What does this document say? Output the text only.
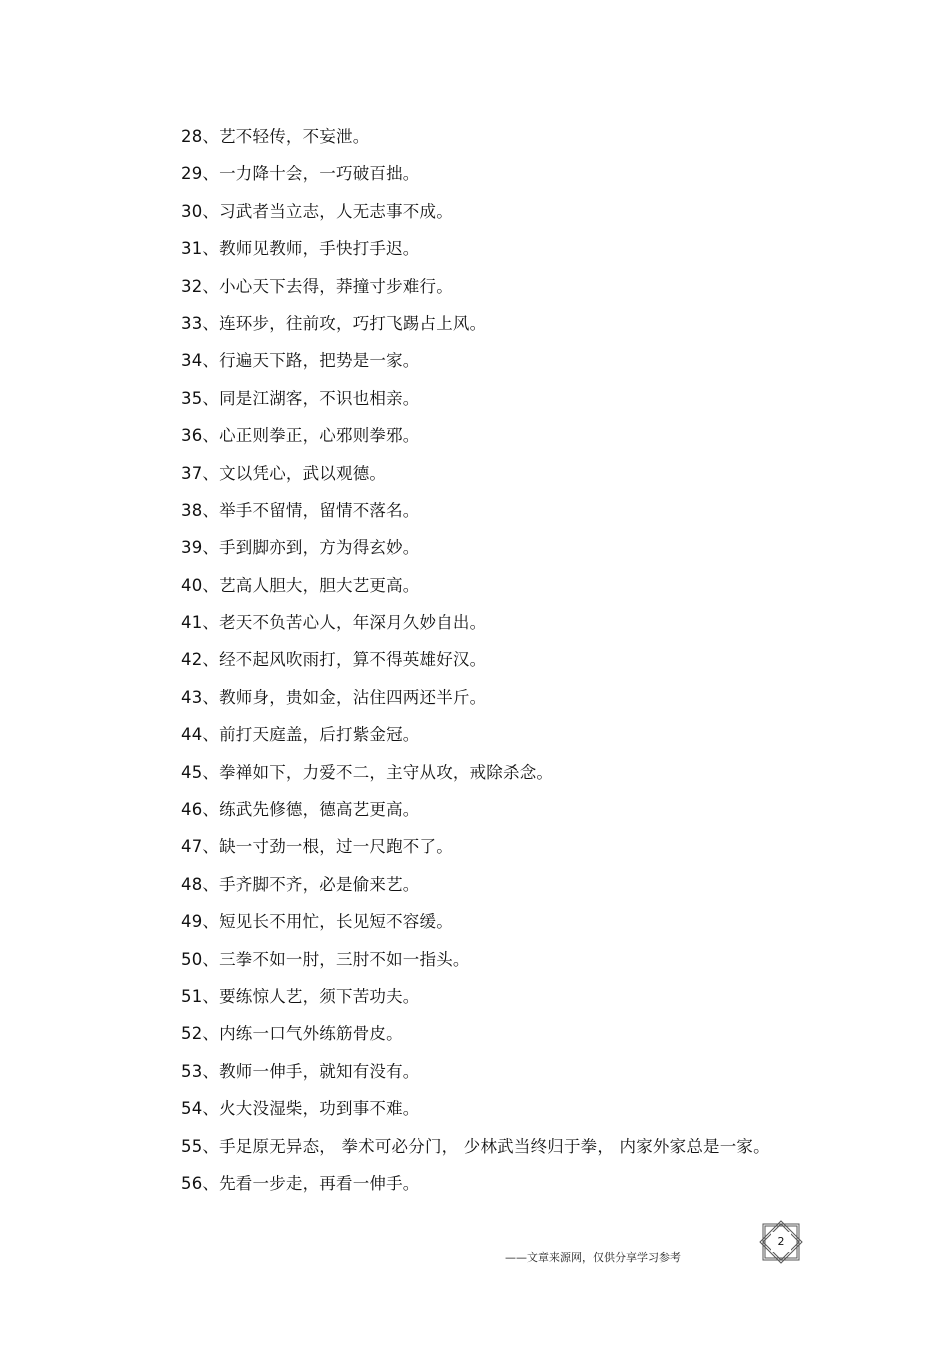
28、艺不轻传，不妄泄。
29、一力降十会，一巧破百拙。
30、习武者当立志，人无志事不成。
31、教师见教师，手快打手迟。
32、小心天下去得，莽撞寸步难行。
33、连环步，往前攻，巧打飞踢占上风。
34、行遍天下路，把势是一家。
35、同是江湖客，不识也相亲。
36、心正则拳正，心邪则拳邪。
37、文以凭心，武以观德。
38、举手不留情，留情不落名。
39、手到脚亦到，方为得玄妙。
40、艺高人胆大，胆大艺更高。
41、老天不负苦心人，年深月久妙自出。
42、经不起风吹雨打，算不得英雄好汉。
43、教师身，贵如金，沾住四两还半斤。
44、前打天庭盖，后打紫金冠。
45、拳禅如下，力爱不二，主守从攻，戒除杀念。
46、练武先修德，德高艺更高。
47、缺一寸劲一根，过一尺跑不了。
48、手齐脚不齐，必是偷来艺。
49、短见长不用忙，长见短不容缓。
50、三拳不如一肘，三肘不如一指头。
51、要练惊人艺，须下苦功夫。
52、内练一口气外练筋骨皮。
53、教师一伸手，就知有没有。
54、火大没湿柴，功到事不难。
55、手足原无异态， 拳术可必分门， 少林武当终归于拳， 内家外家总是一家。
56、先看一步走，再看一伸手。
——文章来源网，仅供分享学习参考
2
